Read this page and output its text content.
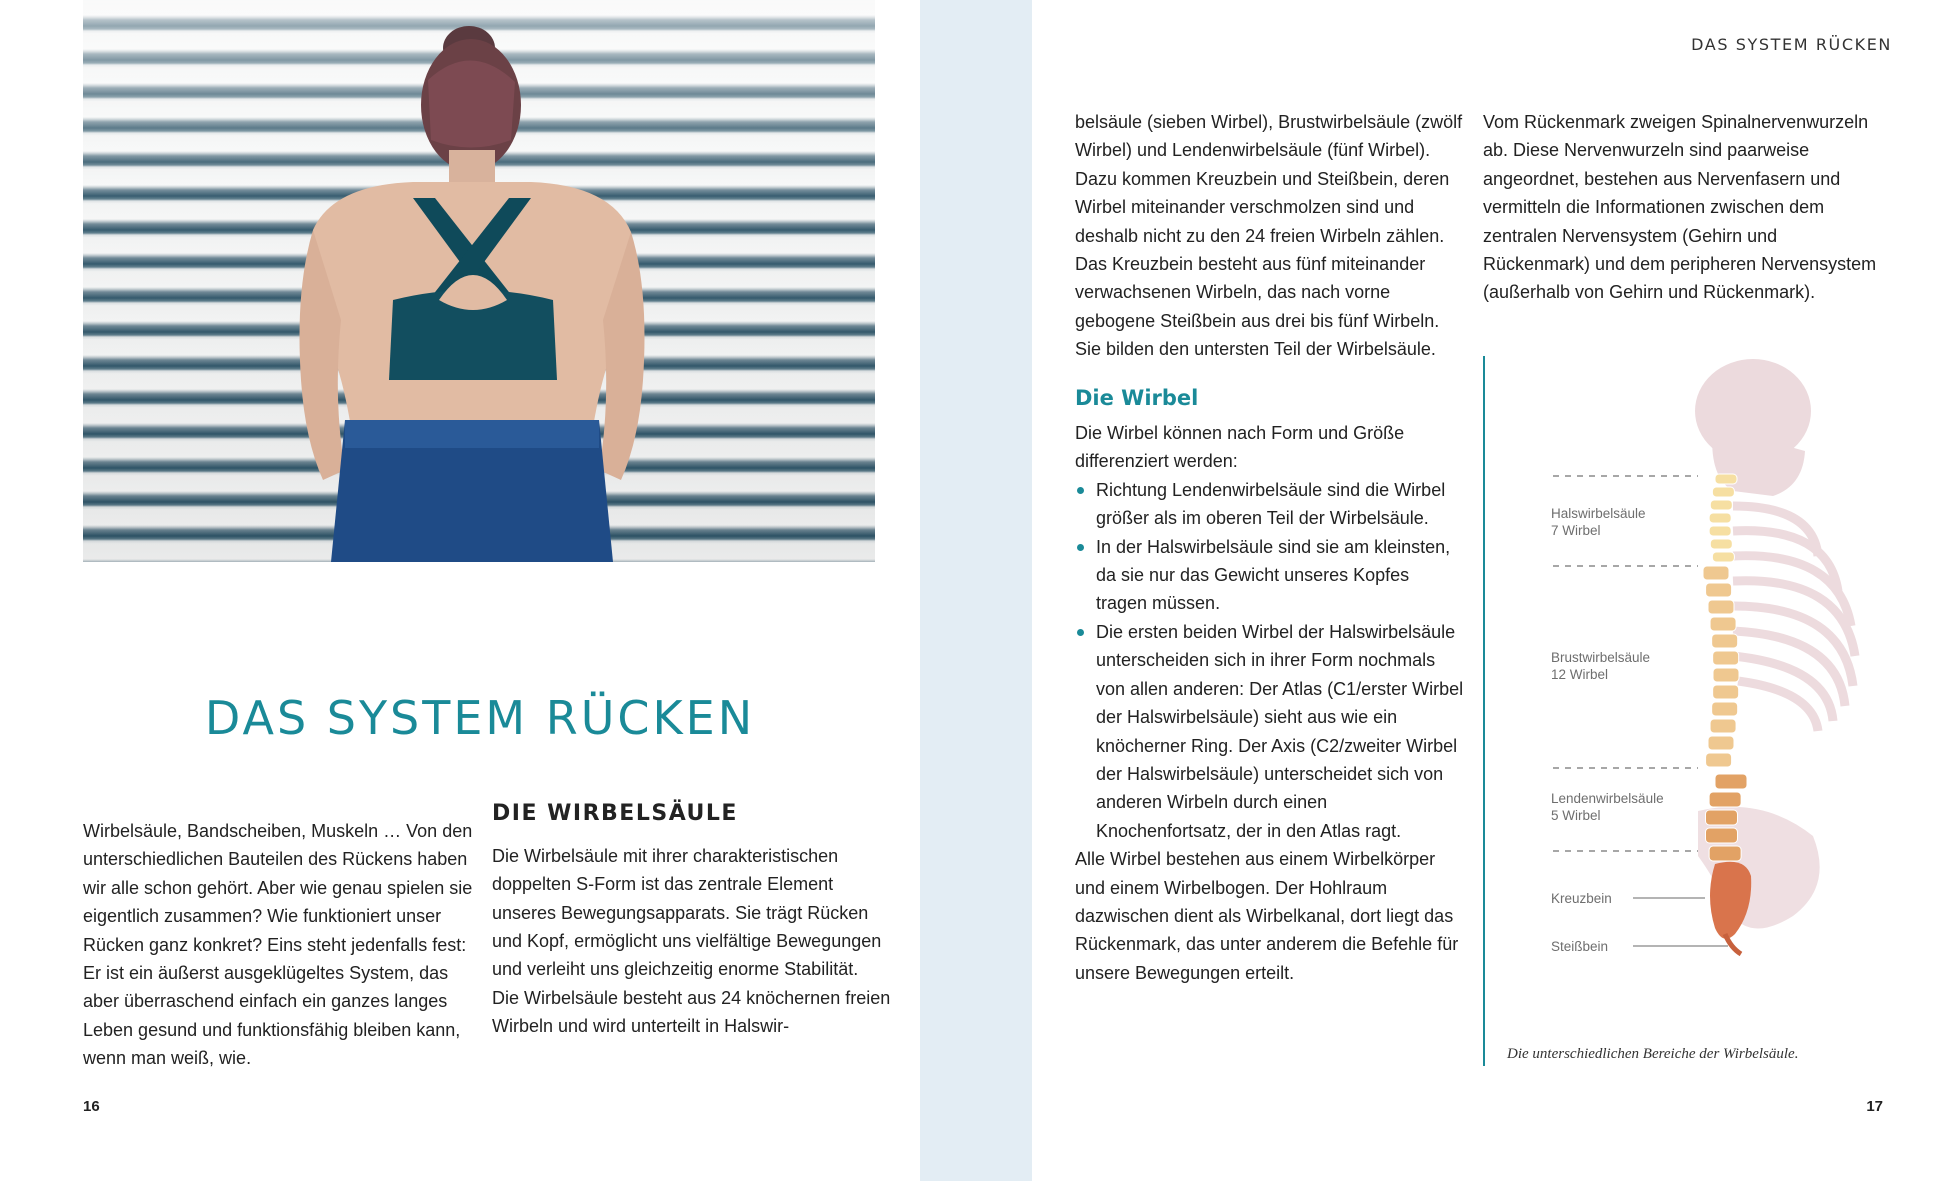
DAS SYSTEM RÜCKEN

Wirbelsäule, Bandscheiben, Muskeln … Von den unterschiedlichen Bauteilen des Rückens haben wir alle schon gehört. Aber wie genau spielen sie eigentlich zusammen? Wie funktioniert unser Rücken ganz konkret? Eins steht jedenfalls fest: Er ist ein äußerst ausgeklügeltes System, das aber überraschend einfach ein ganzes langes Leben gesund und funktionsfähig bleiben kann, wenn man weiß, wie.

DIE WIRBELSÄULE

Die Wirbelsäule mit ihrer charakteristischen doppelten S-Form ist das zentrale Element unseres Bewegungsapparats. Sie trägt Rücken und Kopf, ermöglicht uns vielfältige Bewegungen und verleiht uns gleichzeitig enorme Stabilität.

Die Wirbelsäule besteht aus 24 knöchernen freien Wirbeln und wird unterteilt in Halswir-

16
DAS SYSTEM RÜCKEN
17

belsäule (sieben Wirbel), Brustwirbelsäule (zwölf Wirbel) und Lendenwirbelsäule (fünf Wirbel). Dazu kommen Kreuzbein und Steißbein, deren Wirbel miteinander verschmolzen sind und deshalb nicht zu den 24 freien Wirbeln zählen. Das Kreuzbein besteht aus fünf miteinander verwachsenen Wirbeln, das nach vorne gebogene Steißbein aus drei bis fünf Wirbeln. Sie bilden den untersten Teil der Wirbelsäule.

Die Wirbel

Die Wirbel können nach Form und Größe differenziert werden:

Richtung Lendenwirbelsäule sind die Wirbel größer als im oberen Teil der Wirbelsäule.
In der Halswirbelsäule sind sie am kleinsten, da sie nur das Gewicht unseres Kopfes tragen müssen.
Die ersten beiden Wirbel der Halswirbelsäule unterscheiden sich in ihrer Form nochmals von allen anderen: Der Atlas (C1/erster Wirbel der Halswirbelsäule) sieht aus wie ein knöcherner Ring. Der Axis (C2/zweiter Wirbel der Halswirbelsäule) unterscheidet sich von anderen Wirbeln durch einen Knochenfortsatz, der in den Atlas ragt.

Alle Wirbel bestehen aus einem Wirbelkörper und einem Wirbelbogen. Der Hohlraum dazwischen dient als Wirbelkanal, dort liegt das Rückenmark, das unter anderem die Befehle für unsere Bewegungen erteilt.

Vom Rückenmark zweigen Spinalnervenwurzeln ab. Diese Nervenwurzeln sind paarweise angeordnet, bestehen aus Nervenfasern und vermitteln die Informationen zwischen dem zentralen Nervensystem (Gehirn und Rückenmark) und dem peripheren Nervensystem (außerhalb von Gehirn und Rückenmark).

Halswirbelsäule
7 Wirbel
Brustwirbelsäule
12 Wirbel
Lendenwirbelsäule
5 Wirbel
Kreuzbein
Steißbein
Die unterschiedlichen Bereiche der Wirbelsäule.
